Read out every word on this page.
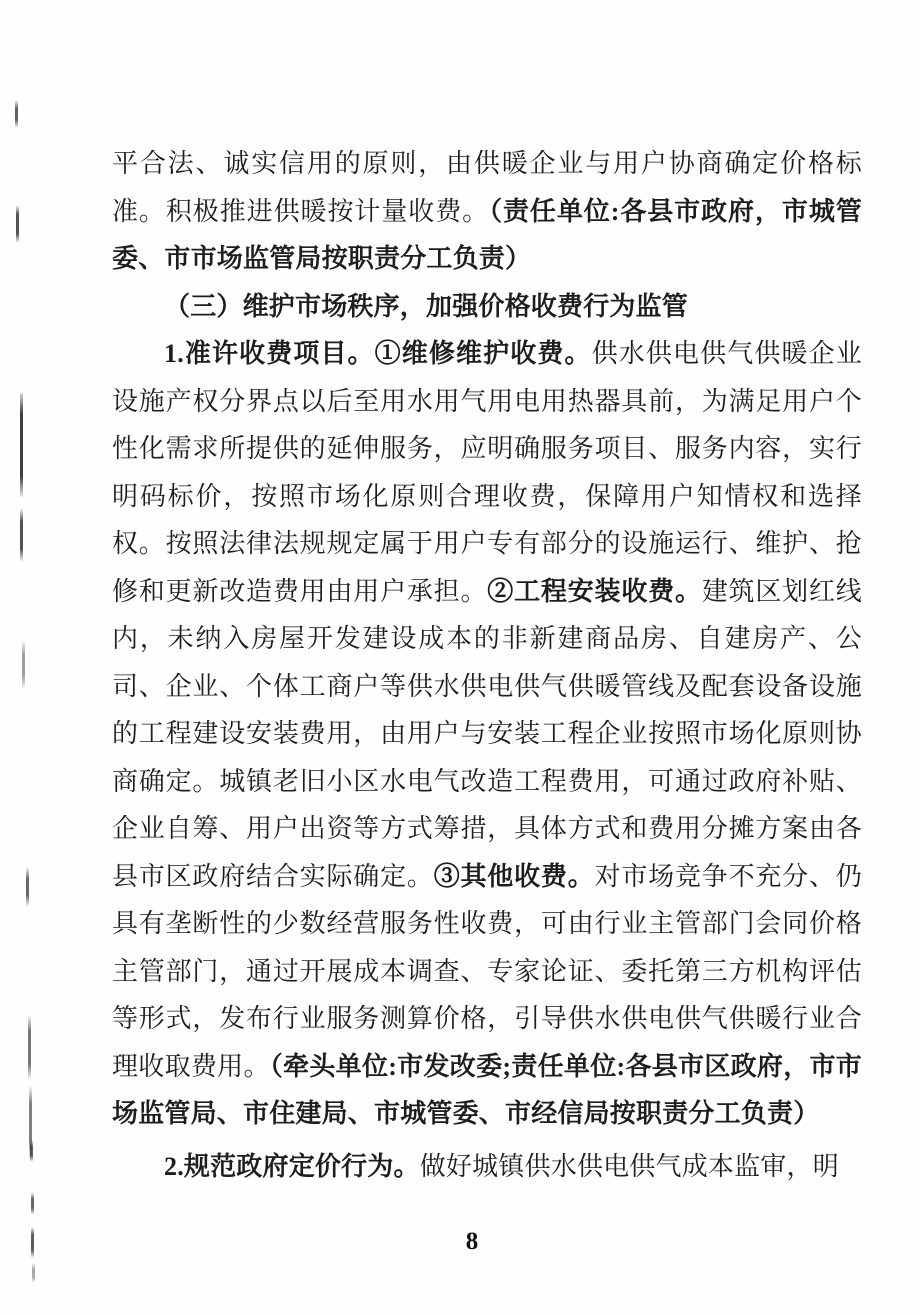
平合法、诚实信用的原则，由供暖企业与用户协商确定价格标准。积极推进供暖按计量收费。（责任单位:各县市政府，市城管委、市市场监管局按职责分工负责）

（三）维护市场秩序，加强价格收费行为监管

1.准许收费项目。①维修维护收费。供水供电供气供暖企业设施产权分界点以后至用水用气用电用热器具前，为满足用户个性化需求所提供的延伸服务，应明确服务项目、服务内容，实行明码标价，按照市场化原则合理收费，保障用户知情权和选择权。按照法律法规规定属于用户专有部分的设施运行、维护、抢修和更新改造费用由用户承担。②工程安装收费。建筑区划红线内，未纳入房屋开发建设成本的非新建商品房、自建房产、公司、企业、个体工商户等供水供电供气供暖管线及配套设备设施的工程建设安装费用，由用户与安装工程企业按照市场化原则协商确定。城镇老旧小区水电气改造工程费用，可通过政府补贴、企业自筹、用户出资等方式筹措，具体方式和费用分摊方案由各县市区政府结合实际确定。③其他收费。对市场竞争不充分、仍具有垄断性的少数经营服务性收费，可由行业主管部门会同价格主管部门，通过开展成本调查、专家论证、委托第三方机构评估等形式，发布行业服务测算价格，引导供水供电供气供暖行业合理收取费用。（牵头单位:市发改委;责任单位:各县市区政府，市市场监管局、市住建局、市城管委、市经信局按职责分工负责）

2.规范政府定价行为。做好城镇供水供电供气成本监审，明

8
